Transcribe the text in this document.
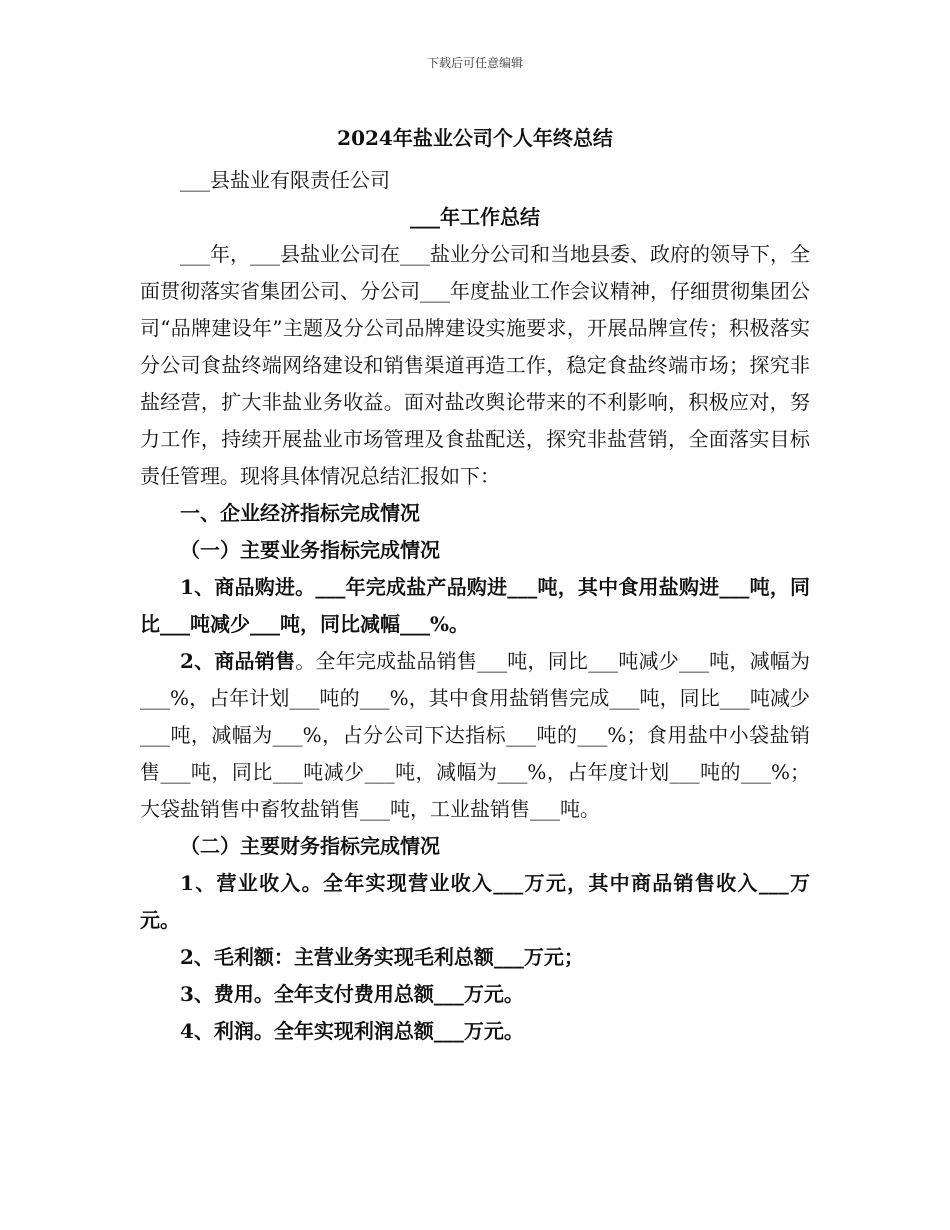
下载后可任意编辑

2024年盐业公司个人年终总结

___县盐业有限责任公司

___年工作总结

___年，___县盐业公司在___盐业分公司和当地县委、政府的领导下，全面贯彻落实省集团公司、分公司___年度盐业工作会议精神，仔细贯彻集团公司“品牌建设年”主题及分公司品牌建设实施要求，开展品牌宣传；积极落实分公司食盐终端网络建设和销售渠道再造工作，稳定食盐终端市场；探究非盐经营，扩大非盐业务收益。面对盐改舆论带来的不利影响，积极应对，努力工作，持续开展盐业市场管理及食盐配送，探究非盐营销，全面落实目标责任管理。现将具体情况总结汇报如下：

一、企业经济指标完成情况

（一）主要业务指标完成情况

1、商品购进。___年完成盐产品购进___吨，其中食用盐购进___吨，同比___吨减少___吨，同比减幅___%。

2、商品销售。全年完成盐品销售___吨，同比___吨减少___吨，减幅为___%，占年计划___吨的___%，其中食用盐销售完成___吨，同比___吨减少___吨，减幅为___%，占分公司下达指标___吨的___%；食用盐中小袋盐销售___吨，同比___吨减少___吨，减幅为___%，占年度计划___吨的___%；大袋盐销售中畜牧盐销售___吨，工业盐销售___吨。

（二）主要财务指标完成情况

1、营业收入。全年实现营业收入___万元，其中商品销售收入___万元。

2、毛利额：主营业务实现毛利总额___万元；

3、费用。全年支付费用总额___万元。

4、利润。全年实现利润总额___万元。
